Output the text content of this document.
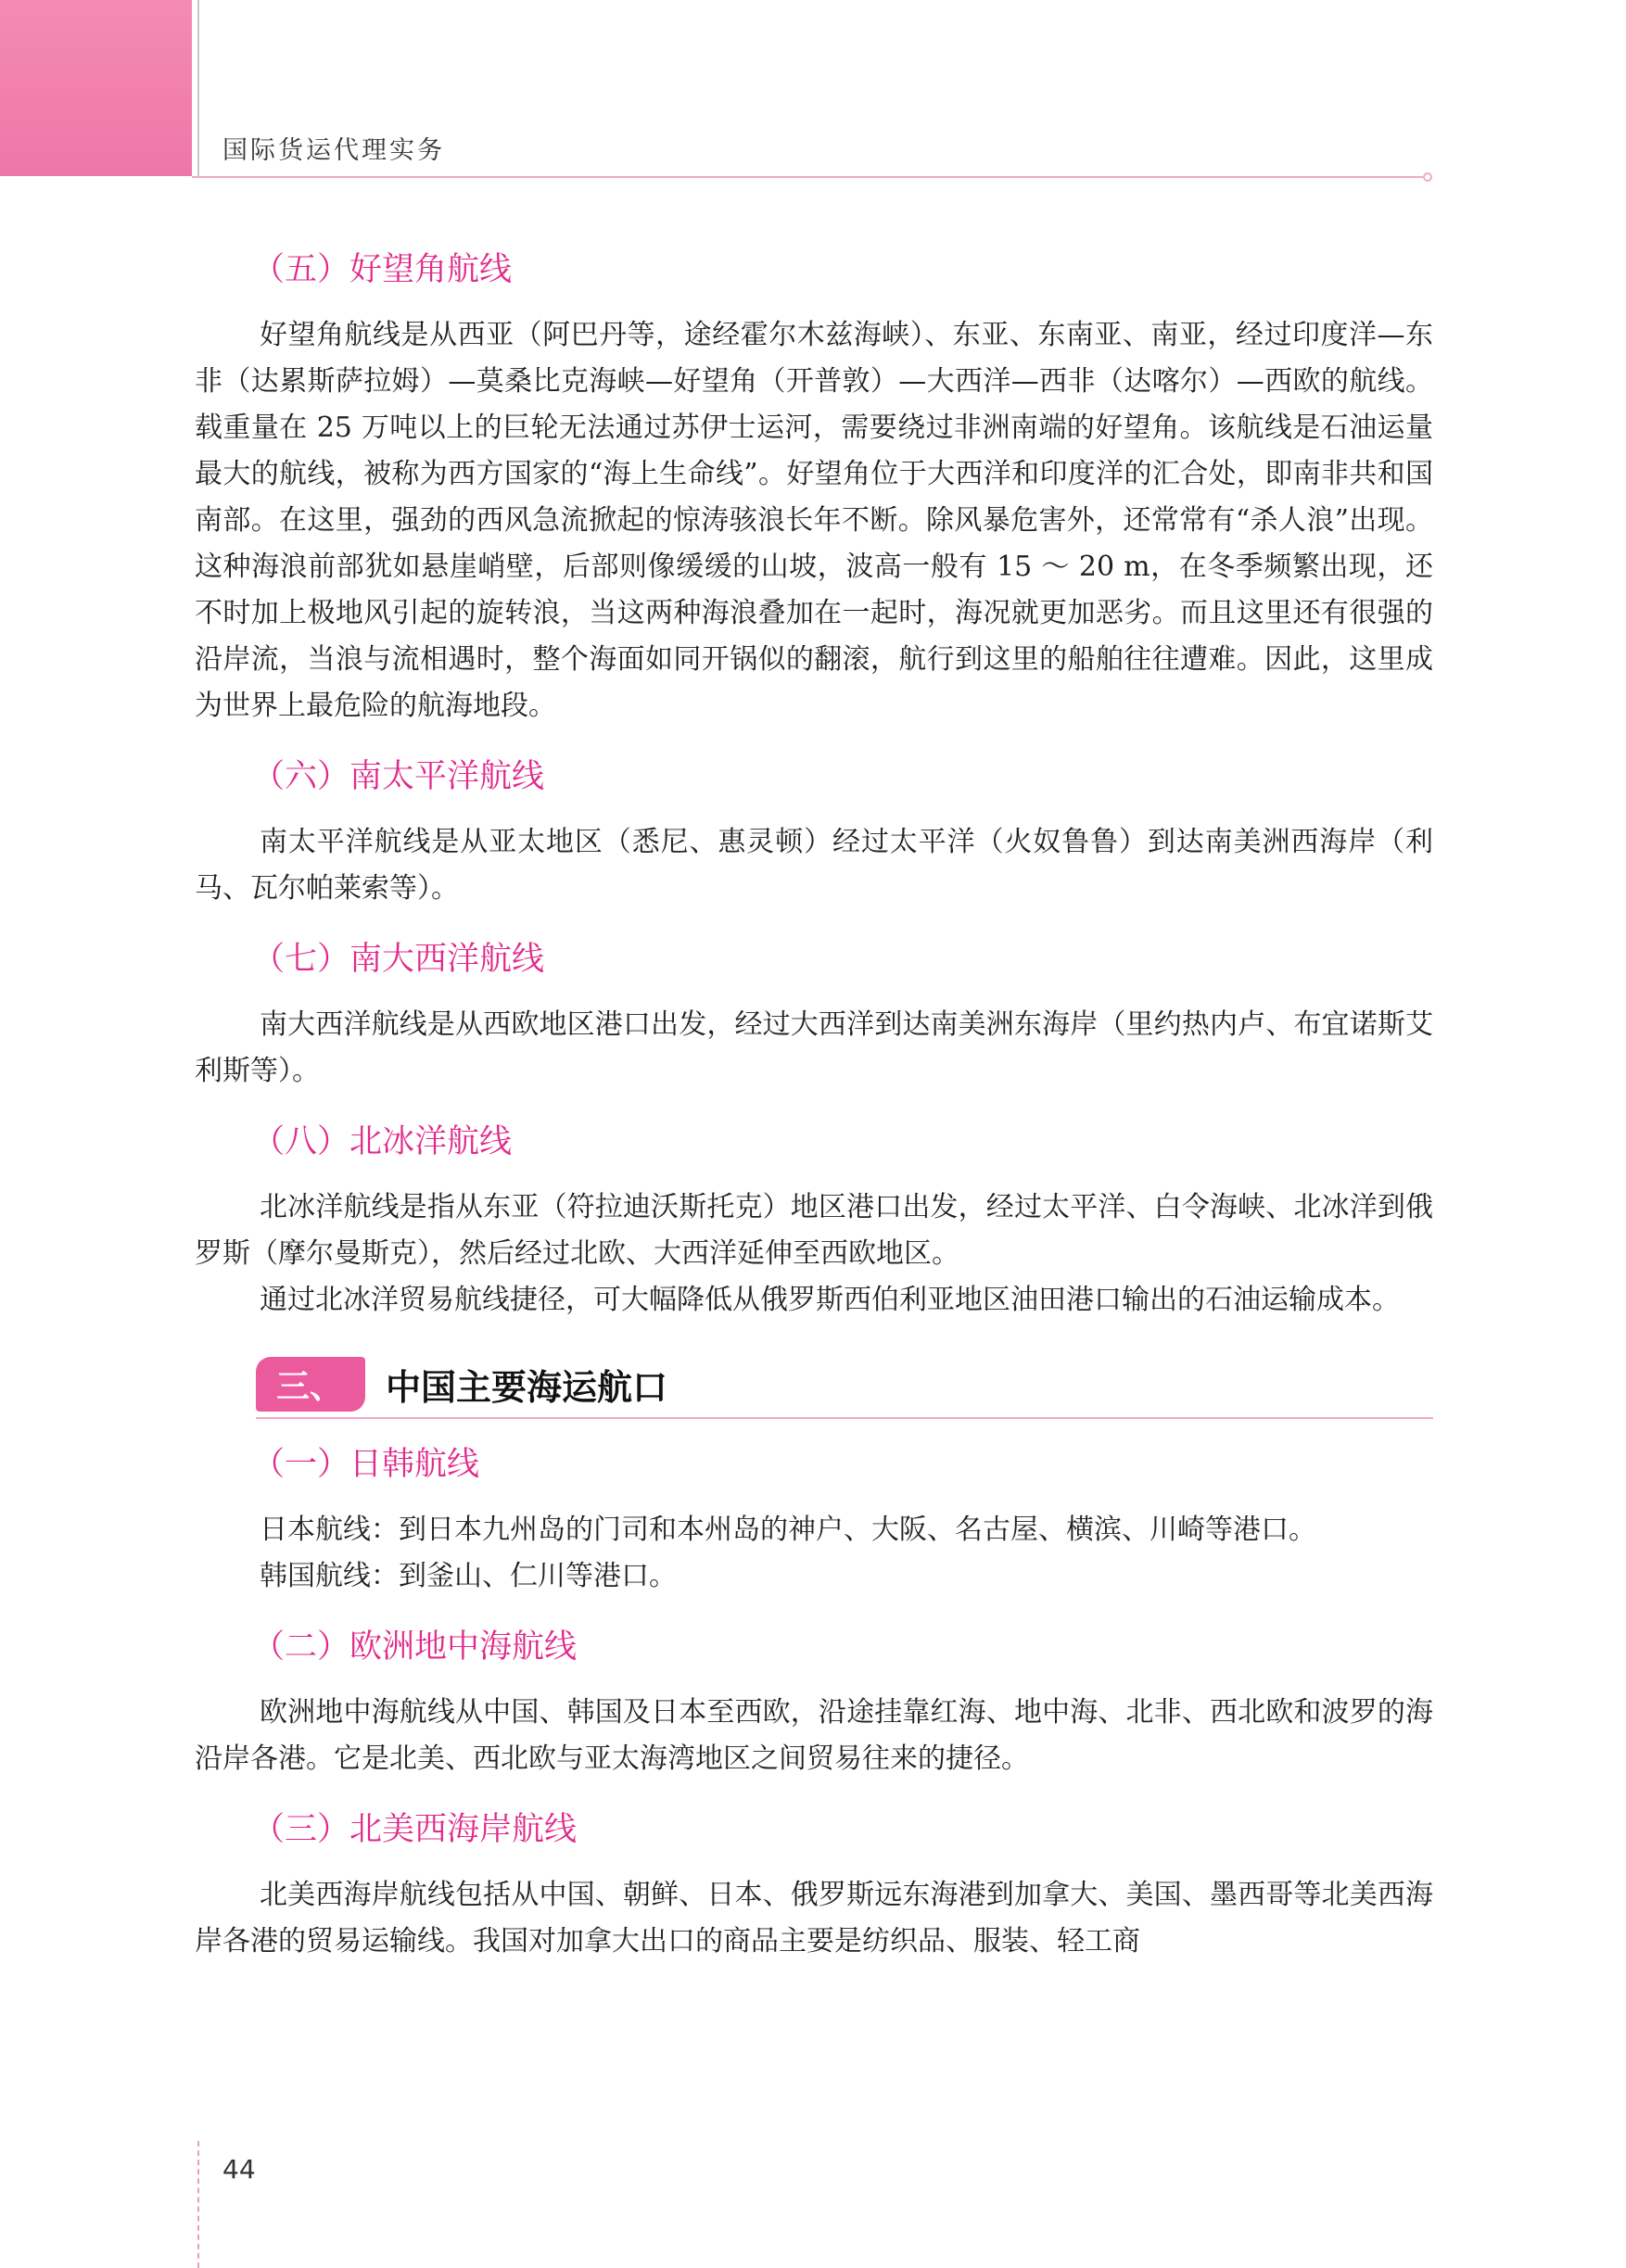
国际货运代理实务
（五）好望角航线

好望角航线是从西亚（阿巴丹等，途经霍尔木兹海峡）、东亚、东南亚、南亚，经过印度洋—东非（达累斯萨拉姆）—莫桑比克海峡—好望角（开普敦）—大西洋—西非（达喀尔）—西欧的航线。载重量在 25 万吨以上的巨轮无法通过苏伊士运河，需要绕过非洲南端的好望角。该航线是石油运量最大的航线，被称为西方国家的“海上生命线”。好望角位于大西洋和印度洋的汇合处，即南非共和国南部。在这里，强劲的西风急流掀起的惊涛骇浪长年不断。除风暴危害外，还常常有“杀人浪”出现。这种海浪前部犹如悬崖峭壁，后部则像缓缓的山坡，波高一般有 15 ～ 20 m，在冬季频繁出现，还不时加上极地风引起的旋转浪，当这两种海浪叠加在一起时，海况就更加恶劣。而且这里还有很强的沿岸流，当浪与流相遇时，整个海面如同开锅似的翻滚，航行到这里的船舶往往遭难。因此，这里成为世界上最危险的航海地段。

（六）南太平洋航线

南太平洋航线是从亚太地区（悉尼、惠灵顿）经过太平洋（火奴鲁鲁）到达南美洲西海岸（利马、瓦尔帕莱索等）。

（七）南大西洋航线

南大西洋航线是从西欧地区港口出发，经过大西洋到达南美洲东海岸（里约热内卢、布宜诺斯艾利斯等）。

（八）北冰洋航线

北冰洋航线是指从东亚（符拉迪沃斯托克）地区港口出发，经过太平洋、白令海峡、北冰洋到俄罗斯（摩尔曼斯克），然后经过北欧、大西洋延伸至西欧地区。

通过北冰洋贸易航线捷径，可大幅降低从俄罗斯西伯利亚地区油田港口输出的石油运输成本。

三、	中国主要海运航口
（一）日韩航线

日本航线：到日本九州岛的门司和本州岛的神户、大阪、名古屋、横滨、川崎等港口。

韩国航线：到釜山、仁川等港口。

（二）欧洲地中海航线

欧洲地中海航线从中国、韩国及日本至西欧，沿途挂靠红海、地中海、北非、西北欧和波罗的海沿岸各港。它是北美、西北欧与亚太海湾地区之间贸易往来的捷径。

（三）北美西海岸航线

北美西海岸航线包括从中国、朝鲜、日本、俄罗斯远东海港到加拿大、美国、墨西哥等北美西海岸各港的贸易运输线。我国对加拿大出口的商品主要是纺织品、服装、轻工商

44
